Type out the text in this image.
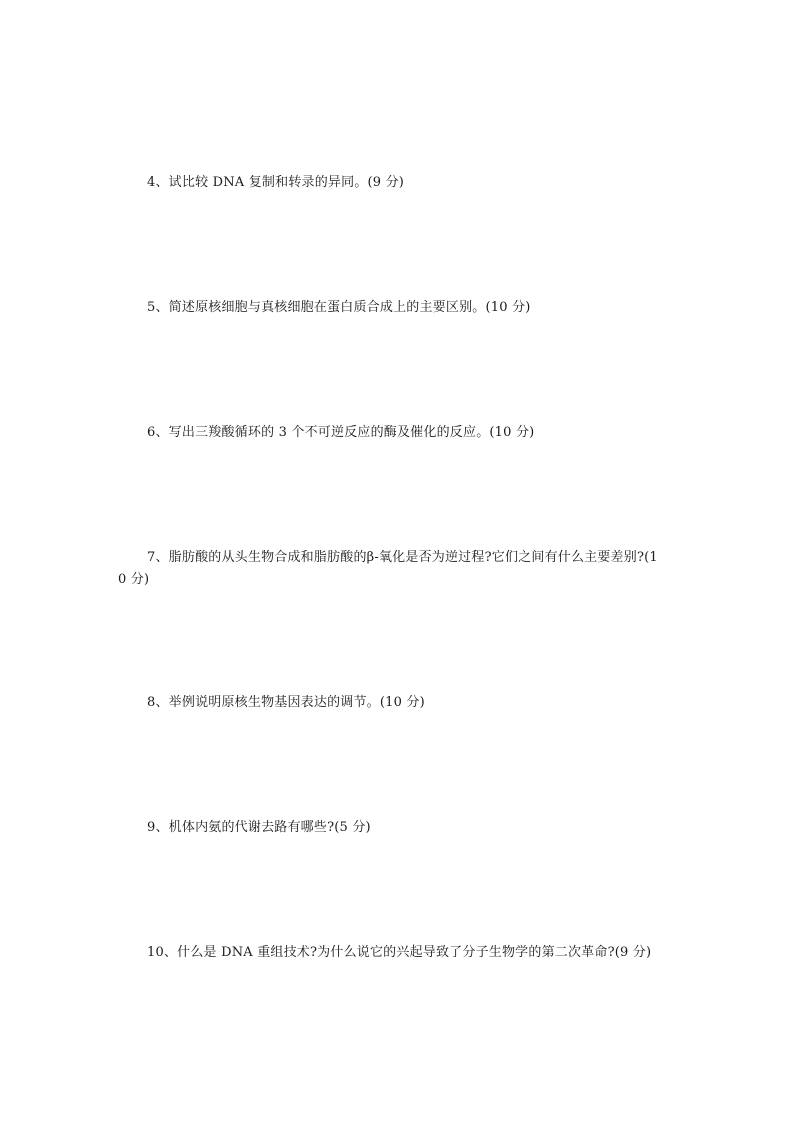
4、试比较 DNA 复制和转录的异同。(9 分)

5、简述原核细胞与真核细胞在蛋白质合成上的主要区别。(10 分)

6、写出三羧酸循环的 3 个不可逆反应的酶及催化的反应。(10 分)

7、脂肪酸的从头生物合成和脂肪酸的β-氧化是否为逆过程?它们之间有什么主要差别?(10 分)

8、举例说明原核生物基因表达的调节。(10 分)

9、机体内氨的代谢去路有哪些?(5 分)

10、什么是 DNA 重组技术?为什么说它的兴起导致了分子生物学的第二次革命?(9 分)
